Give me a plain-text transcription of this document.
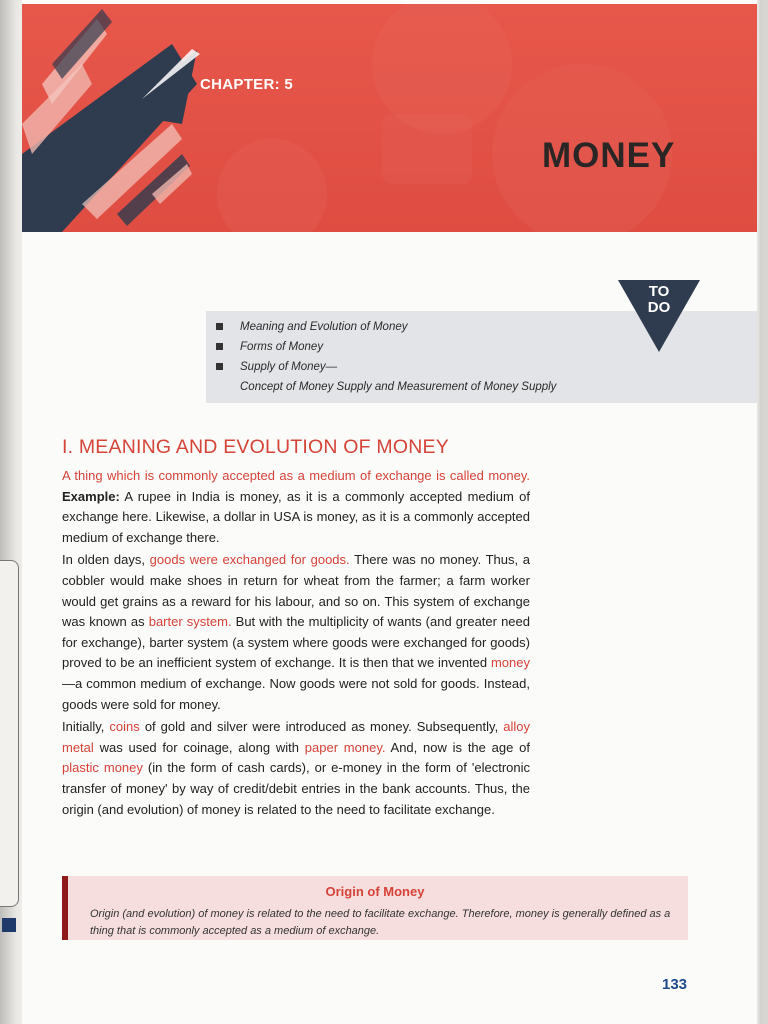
CHAPTER: 5
MONEY
Meaning and Evolution of Money
Forms of Money
Supply of Money—
Concept of Money Supply and Measurement of Money Supply
TO
DO
I. MEANING AND EVOLUTION OF MONEY

A thing which is commonly accepted as a medium of exchange is called money. Example: A rupee in India is money, as it is a commonly accepted medium of exchange here. Likewise, a dollar in USA is money, as it is a commonly accepted medium of exchange there.

In olden days, goods were exchanged for goods. There was no money. Thus, a cobbler would make shoes in return for wheat from the farmer; a farm worker would get grains as a reward for his labour, and so on. This system of exchange was known as barter system. But with the multiplicity of wants (and greater need for exchange), barter system (a system where goods were exchanged for goods) proved to be an inefficient system of exchange. It is then that we invented money—a common medium of exchange. Now goods were not sold for goods. Instead, goods were sold for money.

Initially, coins of gold and silver were introduced as money. Subsequently, alloy metal was used for coinage, along with paper money. And, now is the age of plastic money (in the form of cash cards), or e-money in the form of 'electronic transfer of money' by way of credit/debit entries in the bank accounts. Thus, the origin (and evolution) of money is related to the need to facilitate exchange.

Origin of Money
Origin (and evolution) of money is related to the need to facilitate exchange. Therefore, money is generally defined as a thing that is commonly accepted as a medium of exchange.
133
